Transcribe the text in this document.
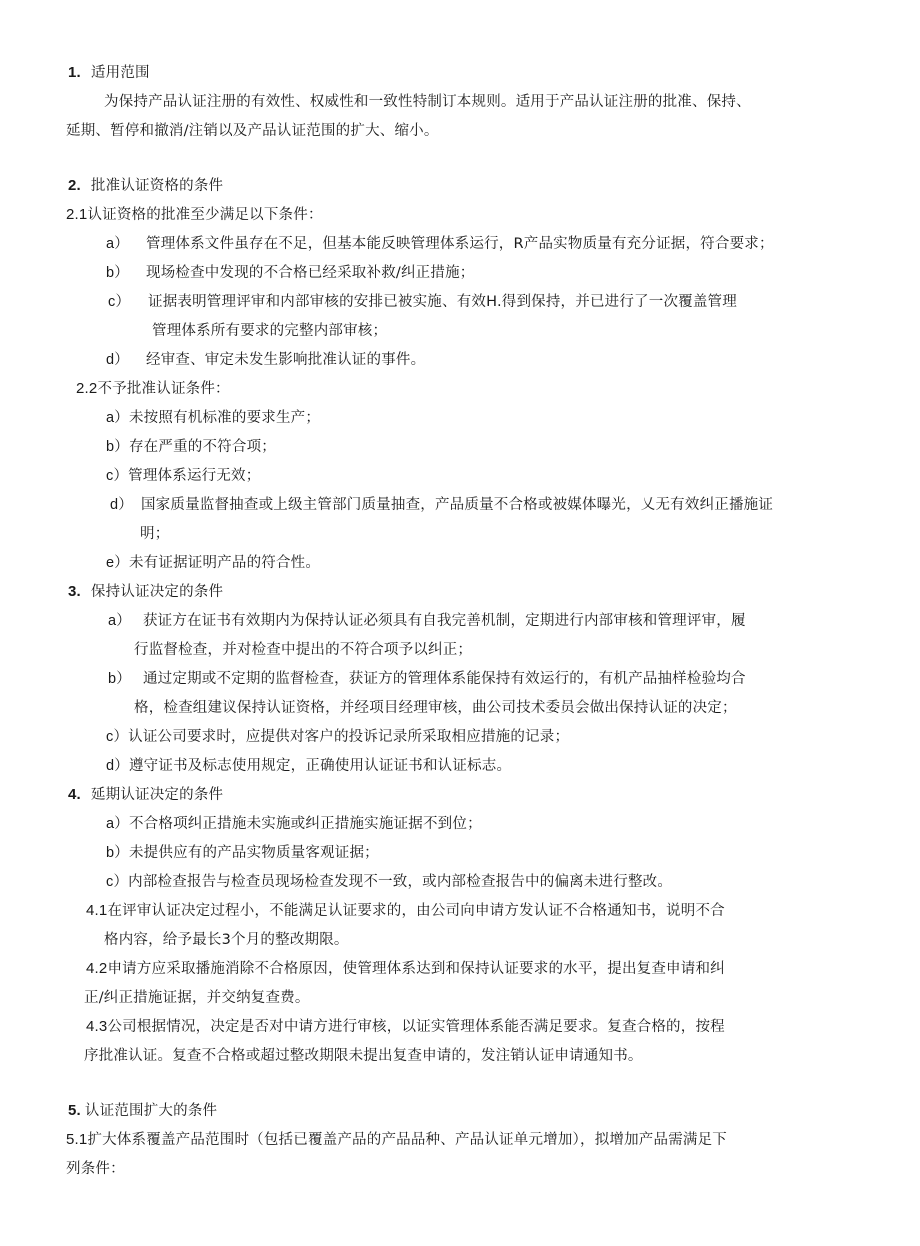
1. 适用范围
为保持产品认证注册的有效性、权威性和一致性特制订本规则。适用于产品认证注册的批准、保持、
延期、暂停和撤消/注销以及产品认证范围的扩大、缩小。
2. 批准认证资格的条件
2.1认证资格的批准至少满足以下条件：
a） 管理体系文件虽存在不足，但基本能反映管理体系运行，R产品实物质量有充分证据，符合要求；
b） 现场检查中发现的不合格已经采取补救/纠正措施；
c） 证据表明管理评审和内部审核的安排已被实施、有效H.得到保持，并已进行了一次覆盖管理
管理体系所有要求的完整内部审核；
d） 经审查、审定未发生影响批准认证的事件。
2.2不予批准认证条件：
a）未按照有机标准的要求生产；
b）存在严重的不符合项；
c）管理体系运行无效；
d） 国家质量监督抽查或上级主管部门质量抽查，产品质量不合格或被媒体曝光，乂无有效纠正播施证
明；
e）未有证据证明产品的符合性。
3. 保持认证决定的条件
a） 获证方在证书有效期内为保持认证必须具有自我完善机制，定期进行内部审核和管理评审，履
行监督检查，并对检查中提出的不符合项予以纠正；
b） 通过定期或不定期的监督检查，获证方的管理体系能保持有效运行的，有机产品抽样检验均合
格，检查组建议保持认证资格，并经项目经理审核，曲公司技术委员会做出保持认证的决定；
c）认证公司要求时，应提供对客户的投诉记录所采取相应措施的记录；
d）遵守证书及标志使用规定，正确使用认证证书和认证标志。
4. 延期认证决定的条件
a）不合格项纠正措施未实施或纠正措施实施证据不到位；
b）未提供应有的产品实物质量客观证据；
c）内部检查报告与检查员现场检查发现不一致，或内部检查报告中的偏离未进行整改。
4.1在评审认证决定过程小，不能满足认证要求的，由公司向申请方发认证不合格通知书，说明不合
格内容，给予最长3个月的整改期限。
4.2申请方应采取播施消除不合格原因，使管理体系达到和保持认证要求的水平，提出复查申请和纠
正/纠正措施证据，并交纳复查费。
4.3公司根据情况，决定是否对中请方进行审核，以证实管理体系能否满足要求。复查合格的，按程
序批准认证。复查不合格或超过整改期限未提出复查申请的，发注销认证申请通知书。
5. 认证范围扩大的条件
5.1扩大体系覆盖产品范围时（包括已覆盖产品的产品品种、产品认证单元增加），拟增加产品需满足下
列条件：
